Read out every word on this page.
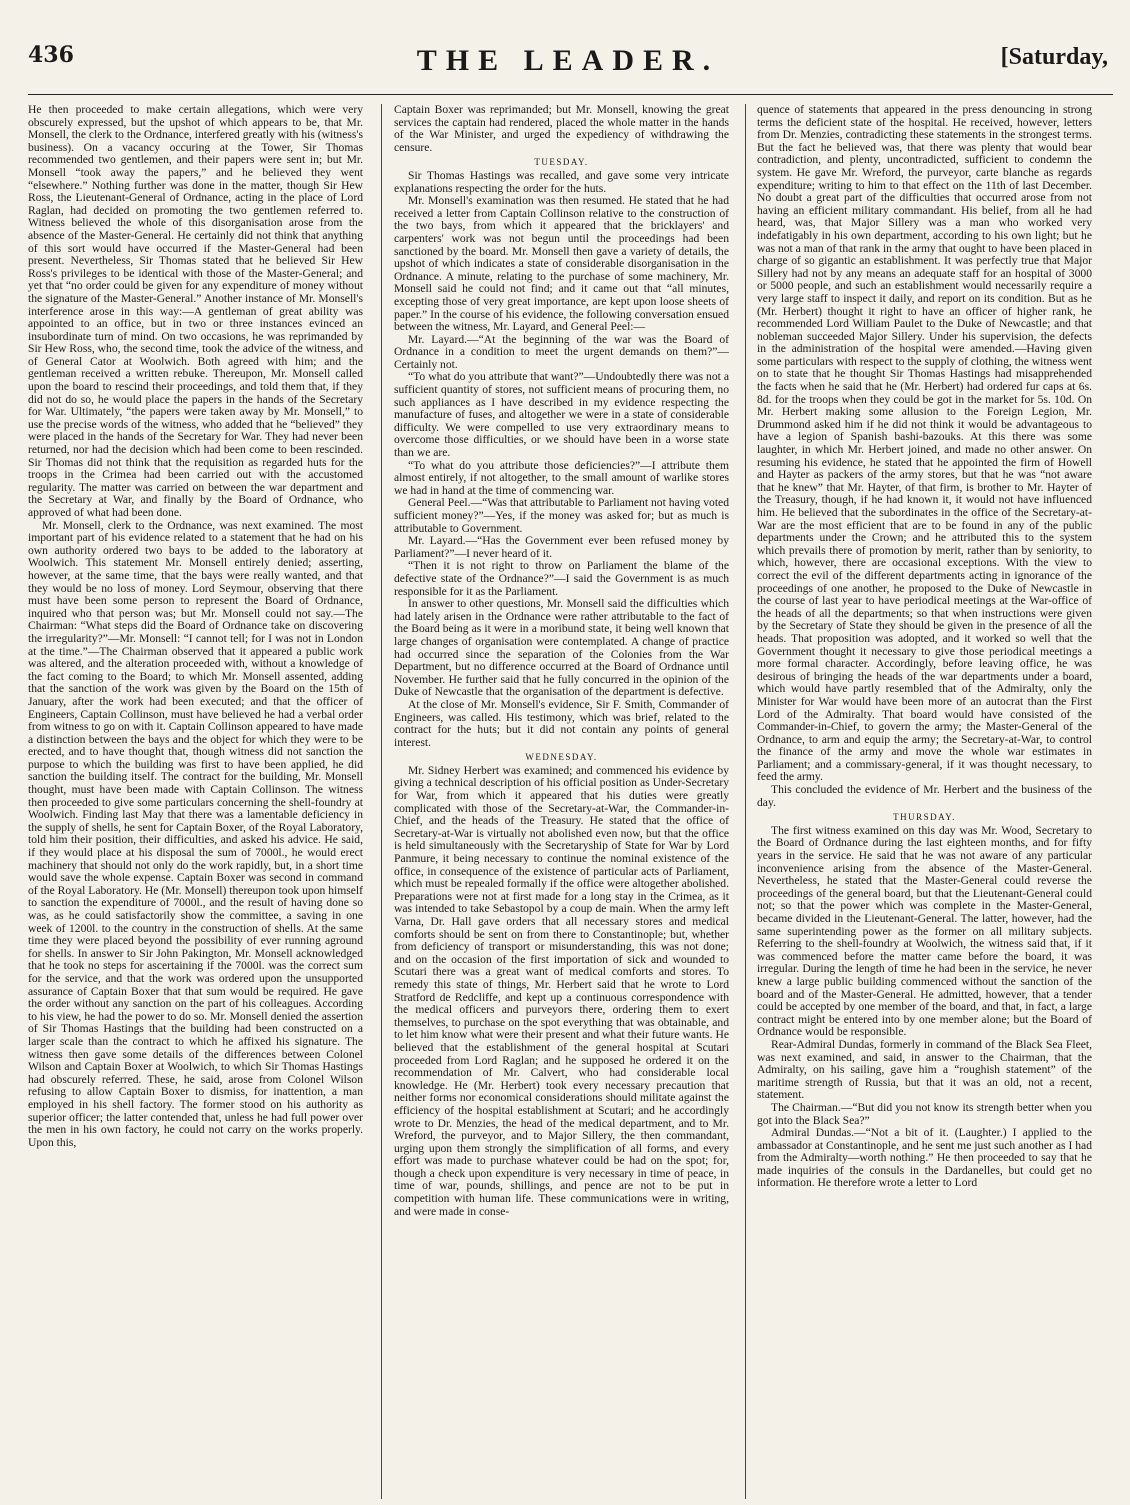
436	THE LEADER.	[Saturday,

He then proceeded to make certain allegations, which were very obscurely expressed, but the upshot of which appears to be, that Mr. Monsell, the clerk to the Ordnance, interfered greatly with his (witness's business). On a vacancy occuring at the Tower, Sir Thomas recommended two gentlemen, and their papers were sent in; but Mr. Monsell “took away the papers,” and he believed they went “elsewhere.” Nothing further was done in the matter, though Sir Hew Ross, the Lieutenant-General of Ordnance, acting in the place of Lord Raglan, had decided on promoting the two gentlemen referred to. Witness believed the whole of this disorganisation arose from the absence of the Master-General. He certainly did not think that anything of this sort would have occurred if the Master-General had been present. Nevertheless, Sir Thomas stated that he believed Sir Hew Ross's privileges to be identical with those of the Master-General; and yet that “no order could be given for any expenditure of money without the signature of the Master-General.” Another instance of Mr. Monsell's interference arose in this way:—A gentleman of great ability was appointed to an office, but in two or three instances evinced an insubordinate turn of mind. On two occasions, he was reprimanded by Sir Hew Ross, who, the second time, took the advice of the witness, and of General Cator at Woolwich. Both agreed with him; and the gentleman received a written rebuke. Thereupon, Mr. Monsell called upon the board to rescind their proceedings, and told them that, if they did not do so, he would place the papers in the hands of the Secretary for War. Ultimately, “the papers were taken away by Mr. Monsell,” to use the precise words of the witness, who added that he “believed” they were placed in the hands of the Secretary for War. They had never been returned, nor had the decision which had been come to been rescinded. Sir Thomas did not think that the requisition as regarded huts for the troops in the Crimea had been carried out with the accustomed regularity. The matter was carried on between the war department and the Secretary at War, and finally by the Board of Ordnance, who approved of what had been done.

Mr. Monsell, clerk to the Ordnance, was next examined. The most important part of his evidence related to a statement that he had on his own authority ordered two bays to be added to the laboratory at Woolwich. This statement Mr. Monsell entirely denied; asserting, however, at the same time, that the bays were really wanted, and that they would be no loss of money. Lord Seymour, observing that there must have been some person to represent the Board of Ordnance, inquired who that person was; but Mr. Monsell could not say.—The Chairman: “What steps did the Board of Ordnance take on discovering the irregularity?”—Mr. Monsell: “I cannot tell; for I was not in London at the time.”—The Chairman observed that it appeared a public work was altered, and the alteration proceeded with, without a knowledge of the fact coming to the Board; to which Mr. Monsell assented, adding that the sanction of the work was given by the Board on the 15th of January, after the work had been executed; and that the officer of Engineers, Captain Collinson, must have believed he had a verbal order from witness to go on with it. Captain Collinson appeared to have made a distinction between the bays and the object for which they were to be erected, and to have thought that, though witness did not sanction the purpose to which the building was first to have been applied, he did sanction the building itself. The contract for the building, Mr. Monsell thought, must have been made with Captain Collinson. The witness then proceeded to give some particulars concerning the shell-foundry at Woolwich. Finding last May that there was a lamentable deficiency in the supply of shells, he sent for Captain Boxer, of the Royal Laboratory, told him their position, their difficulties, and asked his advice. He said, if they would place at his disposal the sum of 7000l., he would erect machinery that should not only do the work rapidly, but, in a short time would save the whole expense. Captain Boxer was second in command of the Royal Laboratory. He (Mr. Monsell) thereupon took upon himself to sanction the expenditure of 7000l., and the result of having done so was, as he could satisfactorily show the committee, a saving in one week of 1200l. to the country in the construction of shells. At the same time they were placed beyond the possibility of ever running aground for shells. In answer to Sir John Pakington, Mr. Monsell acknowledged that he took no steps for ascertaining if the 7000l. was the correct sum for the service, and that the work was ordered upon the unsupported assurance of Captain Boxer that that sum would be required. He gave the order without any sanction on the part of his colleagues. According to his view, he had the power to do so. Mr. Monsell denied the assertion of Sir Thomas Hastings that the building had been constructed on a larger scale than the contract to which he affixed his signature. The witness then gave some details of the differences between Colonel Wilson and Captain Boxer at Woolwich, to which Sir Thomas Hastings had obscurely referred. These, he said, arose from Colonel Wilson refusing to allow Captain Boxer to dismiss, for inattention, a man employed in his shell factory. The former stood on his authority as superior officer; the latter contended that, unless he had full power over the men in his own factory, he could not carry on the works properly. Upon this,

Captain Boxer was reprimanded; but Mr. Monsell, knowing the great services the captain had rendered, placed the whole matter in the hands of the War Minister, and urged the expediency of withdrawing the censure.

TUESDAY.

Sir Thomas Hastings was recalled, and gave some very intricate explanations respecting the order for the huts.

Mr. Monsell's examination was then resumed. He stated that he had received a letter from Captain Collinson relative to the construction of the two bays, from which it appeared that the bricklayers' and carpenters' work was not begun until the proceedings had been sanctioned by the board. Mr. Monsell then gave a variety of details, the upshot of which indicates a state of considerable disorganisation in the Ordnance. A minute, relating to the purchase of some machinery, Mr. Monsell said he could not find; and it came out that “all minutes, excepting those of very great importance, are kept upon loose sheets of paper.” In the course of his evidence, the following conversation ensued between the witness, Mr. Layard, and General Peel:—

Mr. Layard.—“At the beginning of the war was the Board of Ordnance in a condition to meet the urgent demands on them?”—Certainly not.

“To what do you attribute that want?”—Undoubtedly there was not a sufficient quantity of stores, not sufficient means of procuring them, no such appliances as I have described in my evidence respecting the manufacture of fuses, and altogether we were in a state of considerable difficulty. We were compelled to use very extraordinary means to overcome those difficulties, or we should have been in a worse state than we are.

“To what do you attribute those deficiencies?”—I attribute them almost entirely, if not altogether, to the small amount of warlike stores we had in hand at the time of commencing war.

General Peel.—“Was that attributable to Parliament not having voted sufficient money?”—Yes, if the money was asked for; but as much is attributable to Government.

Mr. Layard.—“Has the Government ever been refused money by Parliament?”—I never heard of it.

“Then it is not right to throw on Parliament the blame of the defective state of the Ordnance?”—I said the Government is as much responsible for it as the Parliament.

In answer to other questions, Mr. Monsell said the difficulties which had lately arisen in the Ordnance were rather attributable to the fact of the Board being as it were in a moribund state, it being well known that large changes of organisation were contemplated. A change of practice had occurred since the separation of the Colonies from the War Department, but no difference occurred at the Board of Ordnance until November. He further said that he fully concurred in the opinion of the Duke of Newcastle that the organisation of the department is defective.

At the close of Mr. Monsell's evidence, Sir F. Smith, Commander of Engineers, was called. His testimony, which was brief, related to the contract for the huts; but it did not contain any points of general interest.

WEDNESDAY.

Mr. Sidney Herbert was examined; and commenced his evidence by giving a technical description of his official position as Under-Secretary for War, from which it appeared that his duties were greatly complicated with those of the Secretary-at-War, the Commander-in-Chief, and the heads of the Treasury. He stated that the office of Secretary-at-War is virtually not abolished even now, but that the office is held simultaneously with the Secretaryship of State for War by Lord Panmure, it being necessary to continue the nominal existence of the office, in consequence of the existence of particular acts of Parliament, which must be repealed formally if the office were altogether abolished. Preparations were not at first made for a long stay in the Crimea, as it was intended to take Sebastopol by a coup de main. When the army left Varna, Dr. Hall gave orders that all necessary stores and medical comforts should be sent on from there to Constantinople; but, whether from deficiency of transport or misunderstanding, this was not done; and on the occasion of the first importation of sick and wounded to Scutari there was a great want of medical comforts and stores. To remedy this state of things, Mr. Herbert said that he wrote to Lord Stratford de Redcliffe, and kept up a continuous correspondence with the medical officers and purveyors there, ordering them to exert themselves, to purchase on the spot everything that was obtainable, and to let him know what were their present and what their future wants. He believed that the establishment of the general hospital at Scutari proceeded from Lord Raglan; and he supposed he ordered it on the recommendation of Mr. Calvert, who had considerable local knowledge. He (Mr. Herbert) took every necessary precaution that neither forms nor economical considerations should militate against the efficiency of the hospital establishment at Scutari; and he accordingly wrote to Dr. Menzies, the head of the medical department, and to Mr. Wreford, the purveyor, and to Major Sillery, the then commandant, urging upon them strongly the simplification of all forms, and every effort was made to purchase whatever could be had on the spot; for, though a check upon expenditure is very necessary in time of peace, in time of war, pounds, shillings, and pence are not to be put in competition with human life. These communications were in writing, and were made in conse-

quence of statements that appeared in the press denouncing in strong terms the deficient state of the hospital. He received, however, letters from Dr. Menzies, contradicting these statements in the strongest terms. But the fact he believed was, that there was plenty that would bear contradiction, and plenty, uncontradicted, sufficient to condemn the system. He gave Mr. Wreford, the purveyor, carte blanche as regards expenditure; writing to him to that effect on the 11th of last December. No doubt a great part of the difficulties that occurred arose from not having an efficient military commandant. His belief, from all he had heard, was, that Major Sillery was a man who worked very indefatigably in his own department, according to his own light; but he was not a man of that rank in the army that ought to have been placed in charge of so gigantic an establishment. It was perfectly true that Major Sillery had not by any means an adequate staff for an hospital of 3000 or 5000 people, and such an establishment would necessarily require a very large staff to inspect it daily, and report on its condition. But as he (Mr. Herbert) thought it right to have an officer of higher rank, he recommended Lord William Paulet to the Duke of Newcastle; and that nobleman succeeded Major Sillery. Under his supervision, the defects in the administration of the hospital were amended.—Having given some particulars with respect to the supply of clothing, the witness went on to state that he thought Sir Thomas Hastings had misapprehended the facts when he said that he (Mr. Herbert) had ordered fur caps at 6s. 8d. for the troops when they could be got in the market for 5s. 10d. On Mr. Herbert making some allusion to the Foreign Legion, Mr. Drummond asked him if he did not think it would be advantageous to have a legion of Spanish bashi-bazouks. At this there was some laughter, in which Mr. Herbert joined, and made no other answer. On resuming his evidence, he stated that he appointed the firm of Howell and Hayter as packers of the army stores, but that he was “not aware that he knew” that Mr. Hayter, of that firm, is brother to Mr. Hayter of the Treasury, though, if he had known it, it would not have influenced him. He believed that the subordinates in the office of the Secretary-at-War are the most efficient that are to be found in any of the public departments under the Crown; and he attributed this to the system which prevails there of promotion by merit, rather than by seniority, to which, however, there are occasional exceptions. With the view to correct the evil of the different departments acting in ignorance of the proceedings of one another, he proposed to the Duke of Newcastle in the course of last year to have periodical meetings at the War-office of the heads of all the departments; so that when instructions were given by the Secretary of State they should be given in the presence of all the heads. That proposition was adopted, and it worked so well that the Government thought it necessary to give those periodical meetings a more formal character. Accordingly, before leaving office, he was desirous of bringing the heads of the war departments under a board, which would have partly resembled that of the Admiralty, only the Minister for War would have been more of an autocrat than the First Lord of the Admiralty. That board would have consisted of the Commander-in-Chief, to govern the army; the Master-General of the Ordnance, to arm and equip the army; the Secretary-at-War, to control the finance of the army and move the whole war estimates in Parliament; and a commissary-general, if it was thought necessary, to feed the army.

This concluded the evidence of Mr. Herbert and the business of the day.

THURSDAY.

The first witness examined on this day was Mr. Wood, Secretary to the Board of Ordnance during the last eighteen months, and for fifty years in the service. He said that he was not aware of any particular inconvenience arising from the absence of the Master-General. Nevertheless, he stated that the Master-General could reverse the proceedings of the general board, but that the Lieutenant-General could not; so that the power which was complete in the Master-General, became divided in the Lieutenant-General. The latter, however, had the same superintending power as the former on all military subjects. Referring to the shell-foundry at Woolwich, the witness said that, if it was commenced before the matter came before the board, it was irregular. During the length of time he had been in the service, he never knew a large public building commenced without the sanction of the board and of the Master-General. He admitted, however, that a tender could be accepted by one member of the board, and that, in fact, a large contract might be entered into by one member alone; but the Board of Ordnance would be responsible.

Rear-Admiral Dundas, formerly in command of the Black Sea Fleet, was next examined, and said, in answer to the Chairman, that the Admiralty, on his sailing, gave him a “roughish statement” of the maritime strength of Russia, but that it was an old, not a recent, statement.

The Chairman.—“But did you not know its strength better when you got into the Black Sea?”

Admiral Dundas.—“Not a bit of it. (Laughter.) I applied to the ambassador at Constantinople, and he sent me just such another as I had from the Admiralty—worth nothing.” He then proceeded to say that he made inquiries of the consuls in the Dardanelles, but could get no information. He therefore wrote a letter to Lord
